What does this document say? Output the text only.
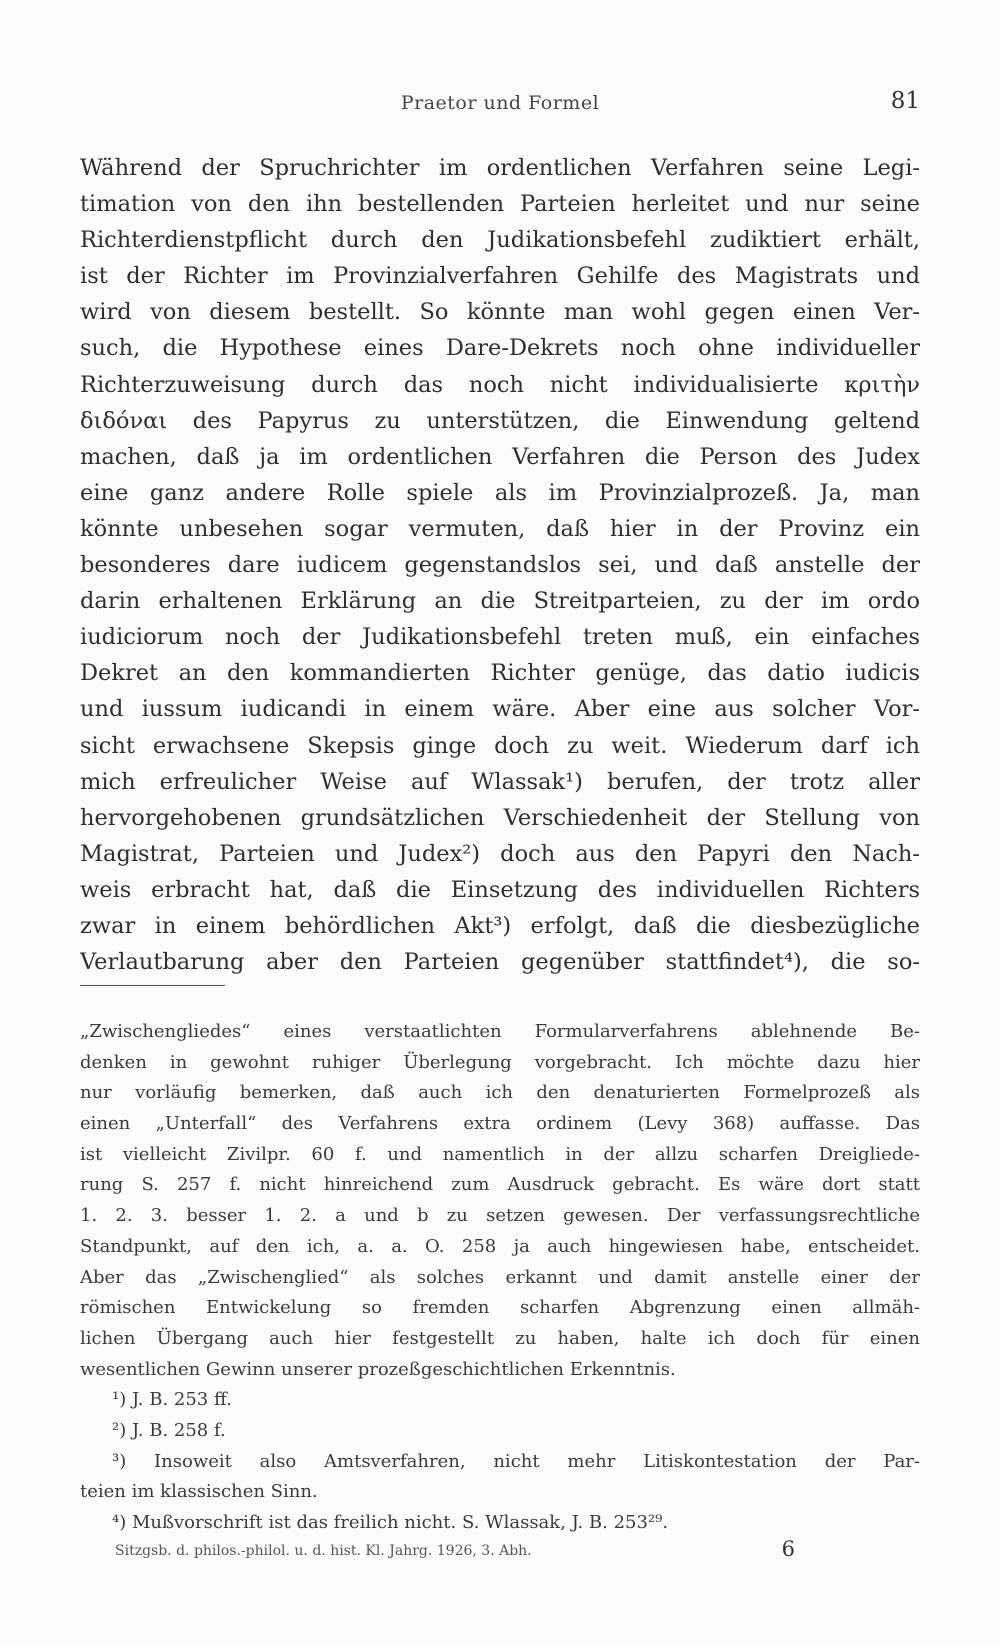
Praetor und Formel	81
Während der Spruchrichter im ordentlichen Verfahren seine Legi-
timation von den ihn bestellenden Parteien herleitet und nur seine
Richterdienstpflicht durch den Judikationsbefehl zudiktiert erhält,
ist der Richter im Provinzialverfahren Gehilfe des Magistrats und
wird von diesem bestellt. So könnte man wohl gegen einen Ver-
such, die Hypothese eines Dare-Dekrets noch ohne individueller
Richterzuweisung durch das noch nicht individualisierte κριτὴν
διδόναι des Papyrus zu unterstützen, die Einwendung geltend
machen, daß ja im ordentlichen Verfahren die Person des Judex
eine ganz andere Rolle spiele als im Provinzialprozeß. Ja, man
könnte unbesehen sogar vermuten, daß hier in der Provinz ein
besonderes dare iudicem gegenstandslos sei, und daß anstelle der
darin erhaltenen Erklärung an die Streitparteien, zu der im ordo
iudiciorum noch der Judikationsbefehl treten muß, ein einfaches
Dekret an den kommandierten Richter genüge, das datio iudicis
und iussum iudicandi in einem wäre. Aber eine aus solcher Vor-
sicht erwachsene Skepsis ginge doch zu weit. Wiederum darf ich
mich erfreulicher Weise auf Wlassak¹) berufen, der trotz aller
hervorgehobenen grundsätzlichen Verschiedenheit der Stellung von
Magistrat, Parteien und Judex²) doch aus den Papyri den Nach-
weis erbracht hat, daß die Einsetzung des individuellen Richters
zwar in einem behördlichen Akt³) erfolgt, daß die diesbezügliche
Verlautbarung aber den Parteien gegenüber stattfindet⁴), die so-
„Zwischengliedes“ eines verstaatlichten Formularverfahrens ablehnende Be-
denken in gewohnt ruhiger Überlegung vorgebracht. Ich möchte dazu hier
nur vorläufig bemerken, daß auch ich den denaturierten Formelprozeß als
einen „Unterfall“ des Verfahrens extra ordinem (Levy 368) auffasse. Das
ist vielleicht Zivilpr. 60 f. und namentlich in der allzu scharfen Dreigliede-
rung S. 257 f. nicht hinreichend zum Ausdruck gebracht. Es wäre dort statt
1. 2. 3. besser 1. 2. a und b zu setzen gewesen. Der verfassungsrechtliche
Standpunkt, auf den ich, a. a. O. 258 ja auch hingewiesen habe, entscheidet.
Aber das „Zwischenglied“ als solches erkannt und damit anstelle einer der
römischen Entwickelung so fremden scharfen Abgrenzung einen allmäh-
lichen Übergang auch hier festgestellt zu haben, halte ich doch für einen
wesentlichen Gewinn unserer prozeßgeschichtlichen Erkenntnis.
¹) J. B. 253 ff.
²) J. B. 258 f.
³) Insoweit also Amtsverfahren, nicht mehr Litiskontestation der Par-
teien im klassischen Sinn.
⁴) Mußvorschrift ist das freilich nicht. S. Wlassak, J. B. 253²⁹.
Sitzgsb. d. philos.-philol. u. d. hist. Kl. Jahrg. 1926, 3. Abh.	6
